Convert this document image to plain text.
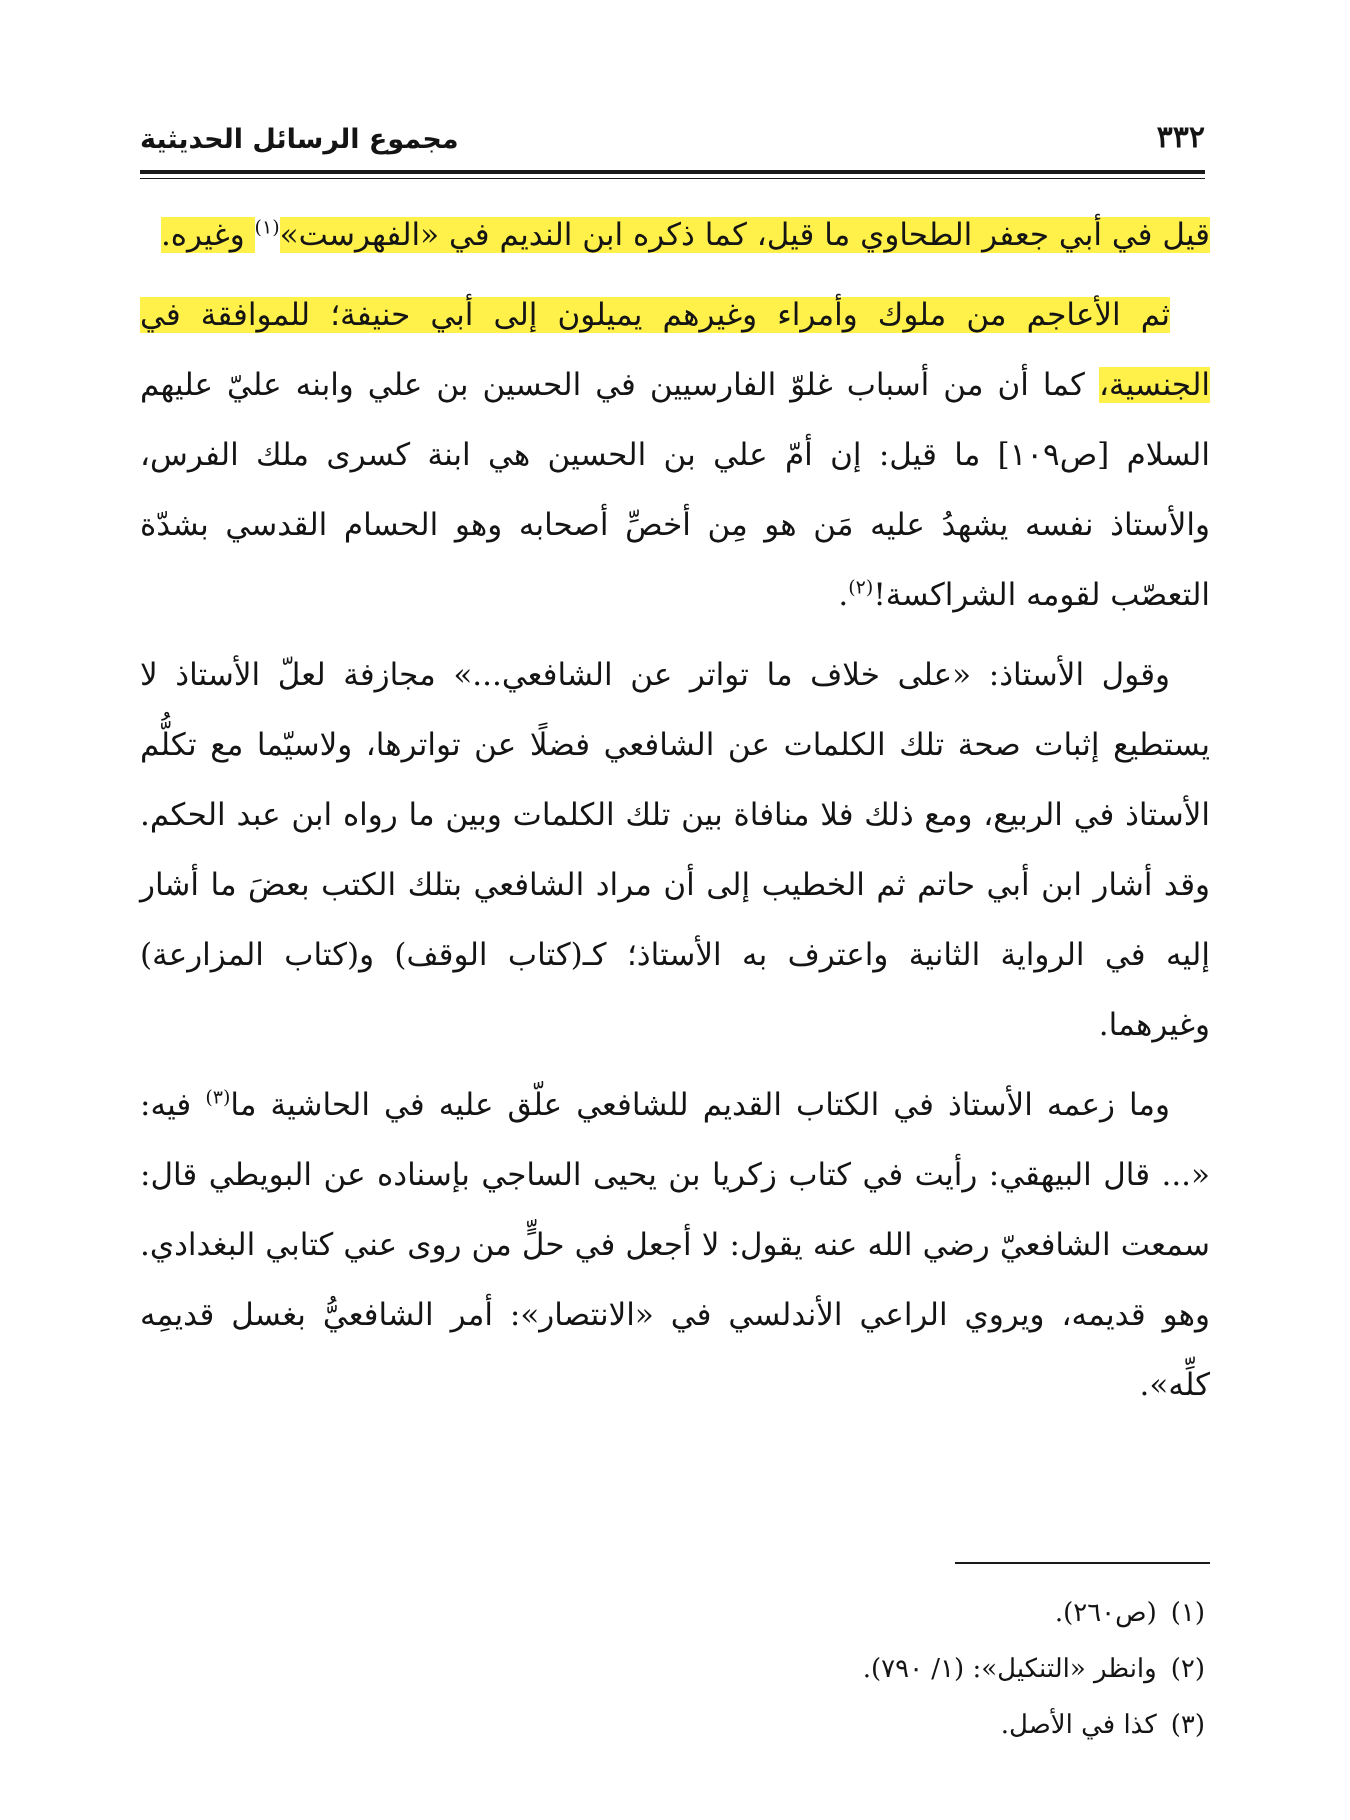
٣٣٢
مجموع الرسائل الحديثية

قيل في أبي جعفر الطحاوي ما قيل، كما ذكره ابن النديم في «الفهرست»$^{(١)}$ وغيره.

ثم الأعاجم من ملوك وأمراء وغيرهم يميلون إلى أبي حنيفة؛ للموافقة في الجنسية، كما أن من أسباب غلوّ الفارسيين في الحسين بن علي وابنه عليّ عليهم السلام [ص١٠٩] ما قيل: إن أمّ علي بن الحسين هي ابنة كسرى ملك الفرس، والأستاذ نفسه يشهدُ عليه مَن هو مِن أخصِّ أصحابه وهو الحسام القدسي بشدّة التعصّب لقومه الشراكسة!$^{(٢)}$.

وقول الأستاذ: «على خلاف ما تواتر عن الشافعي...» مجازفة لعلّ الأستاذ لا يستطيع إثبات صحة تلك الكلمات عن الشافعي فضلًا عن تواترها، ولاسيّما مع تكلُّم الأستاذ في الربيع، ومع ذلك فلا منافاة بين تلك الكلمات وبين ما رواه ابن عبد الحكم. وقد أشار ابن أبي حاتم ثم الخطيب إلى أن مراد الشافعي بتلك الكتب بعضَ ما أشار إليه في الرواية الثانية واعترف به الأستاذ؛ كـ(كتاب الوقف) و(كتاب المزارعة) وغيرهما.

وما زعمه الأستاذ في الكتاب القديم للشافعي علّق عليه في الحاشية ما$^{(٣)}$ فيه: «... قال البيهقي: رأيت في كتاب زكريا بن يحيى الساجي بإسناده عن البويطي قال: سمعت الشافعيّ رضي الله عنه يقول: لا أجعل في حلٍّ من روى عني كتابي البغدادي. وهو قديمه، ويروي الراعي الأندلسي في «الانتصار»: أمر الشافعيُّ بغسل قديمِه كلِّه».

(١)(ص٢٦٠).
(٢)وانظر «التنكيل»: (١/ ٧٩٠).
(٣)كذا في الأصل.
